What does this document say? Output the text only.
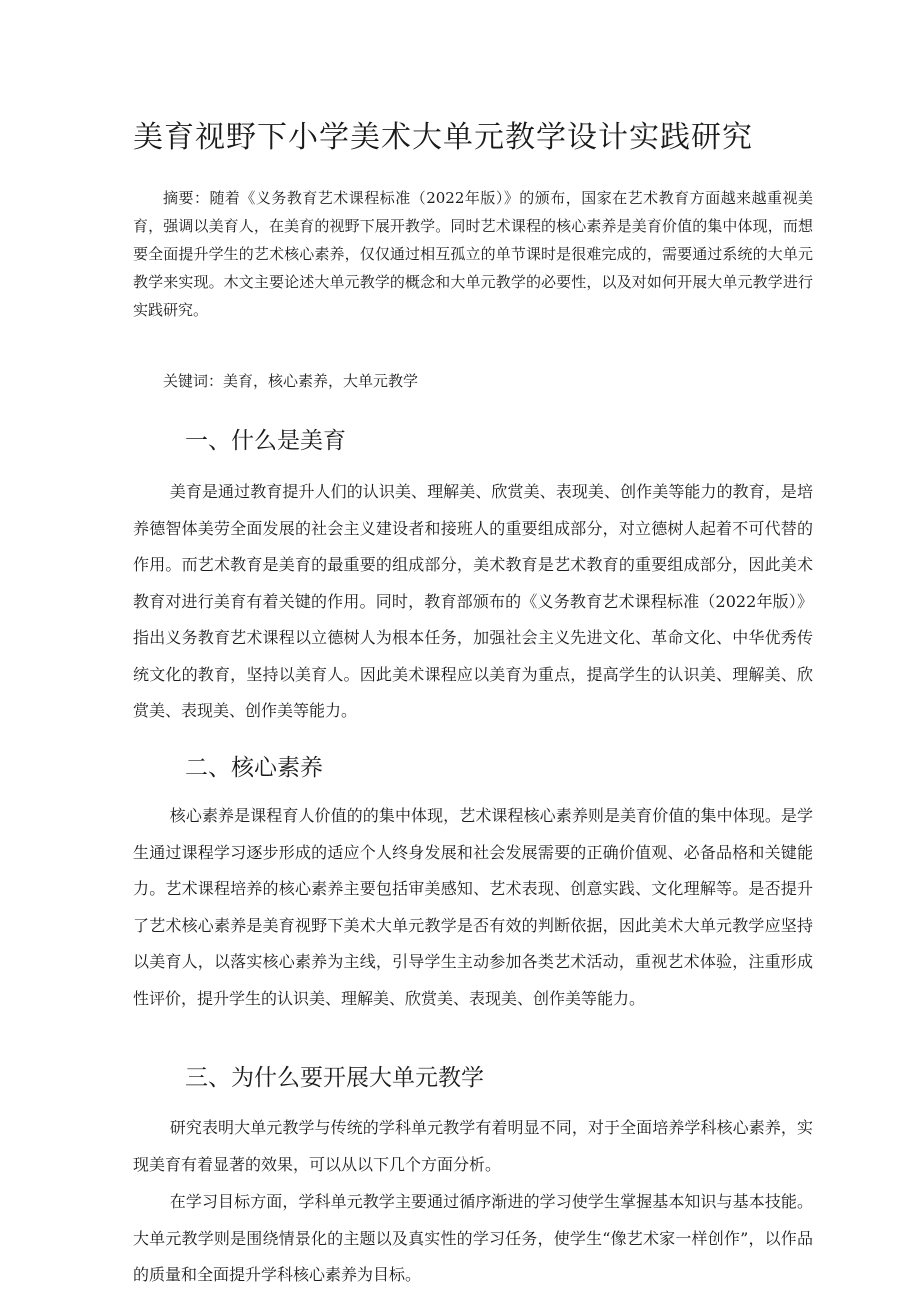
美育视野下小学美术大单元教学设计实践研究

摘要：随着《义务教育艺术课程标准（2022年版）》的颁布，国家在艺术教育方面越来越重视美育，强调以美育人，在美育的视野下展开教学。同时艺术课程的核心素养是美育价值的集中体现，而想要全面提升学生的艺术核心素养，仅仅通过相互孤立的单节课时是很难完成的，需要通过系统的大单元教学来实现。木文主要论述大单元教学的概念和大单元教学的必要性，以及对如何开展大单元教学进行实践研究。

关键词：美育，核心素养，大单元教学

一、什么是美育

美育是通过教育提升人们的认识美、理解美、欣赏美、表现美、创作美等能力的教育，是培养德智体美劳全面发展的社会主义建设者和接班人的重要组成部分，对立德树人起着不可代替的作用。而艺术教育是美育的最重要的组成部分，美术教育是艺术教育的重要组成部分，因此美术教育对进行美育有着关键的作用。同时，教育部颁布的《义务教育艺术课程标准（2022年版）》指出义务教育艺术课程以立德树人为根本任务，加强社会主义先进文化、革命文化、中华优秀传统文化的教育，坚持以美育人。因此美术课程应以美育为重点，提高学生的认识美、理解美、欣赏美、表现美、创作美等能力。

二、核心素养

核心素养是课程育人价值的的集中体现，艺术课程核心素养则是美育价值的集中体现。是学生通过课程学习逐步形成的适应个人终身发展和社会发展需要的正确价值观、必备品格和关键能力。艺术课程培养的核心素养主要包括审美感知、艺术表现、创意实践、文化理解等。是否提升了艺术核心素养是美育视野下美术大单元教学是否有效的判断依据，因此美术大单元教学应坚持以美育人，以落实核心素养为主线，引导学生主动参加各类艺术活动，重视艺术体验，注重形成性评价，提升学生的认识美、理解美、欣赏美、表现美、创作美等能力。

三、为什么要开展大单元教学

研究表明大单元教学与传统的学科单元教学有着明显不同，对于全面培养学科核心素养，实现美育有着显著的效果，可以从以下几个方面分析。

在学习目标方面，学科单元教学主要通过循序渐进的学习使学生掌握基本知识与基本技能。大单元教学则是围绕情景化的主题以及真实性的学习任务，使学生“像艺术家一样创作”，以作品的质量和全面提升学科核心素养为目标。
